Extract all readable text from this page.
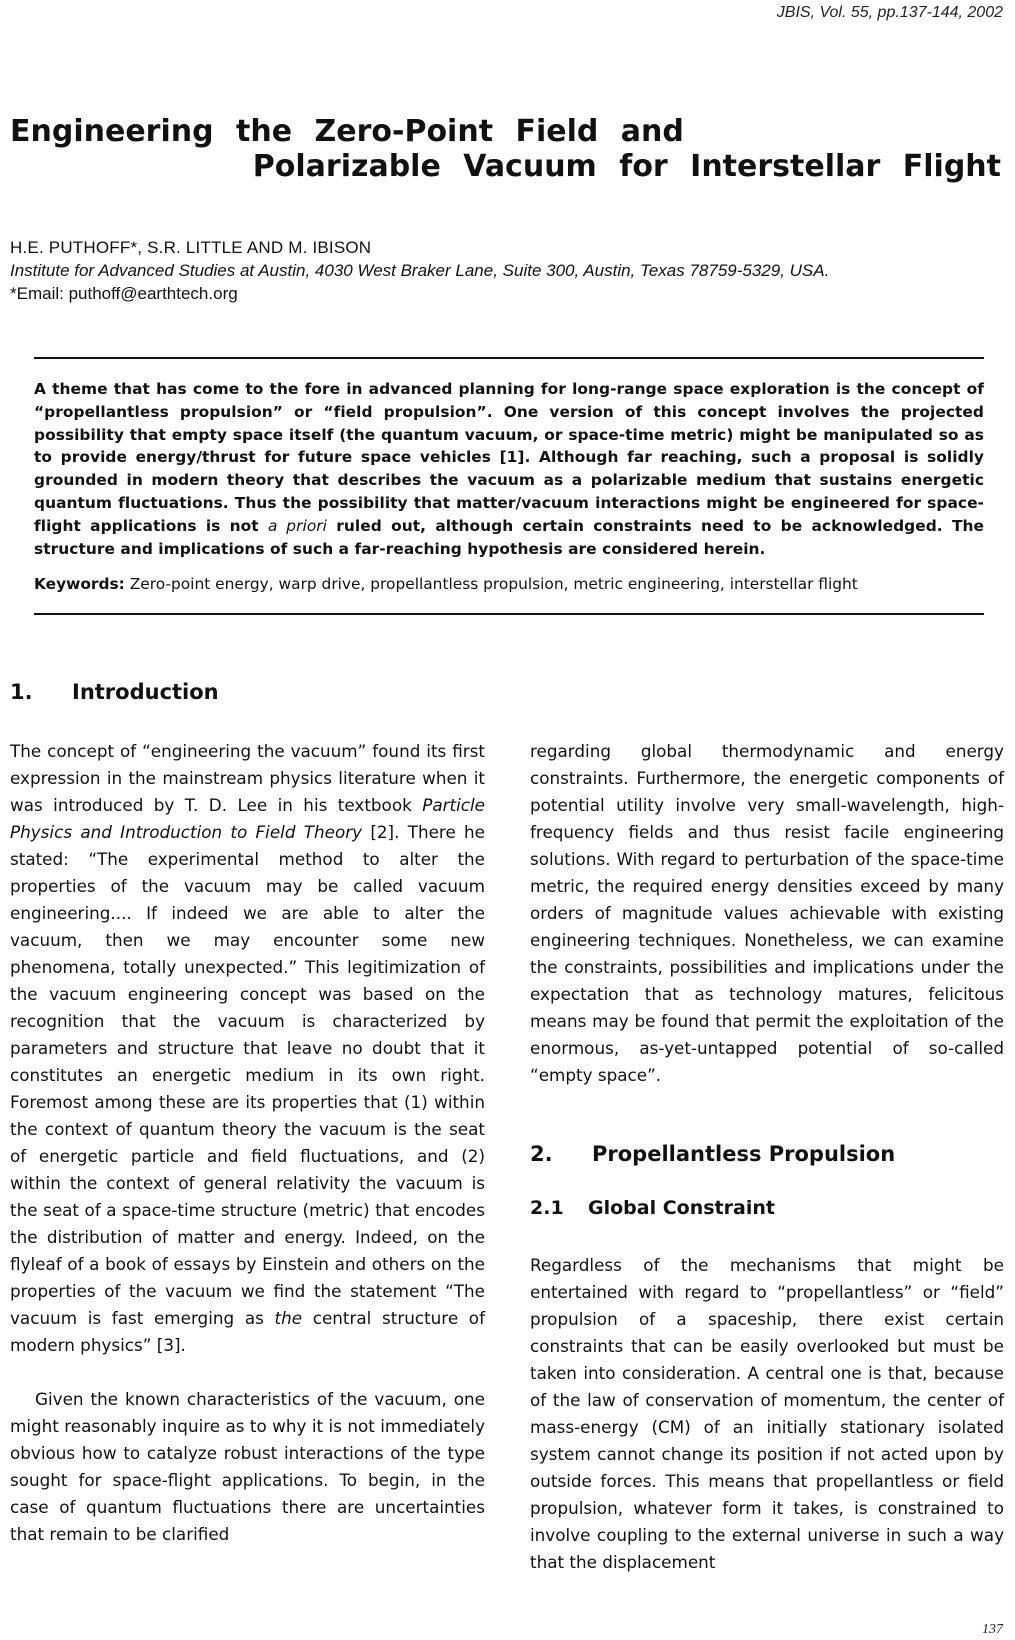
JBIS, Vol. 55, pp.137-144, 2002
Engineering the Zero-Point Field and
Polarizable Vacuum for Interstellar Flight
H.E. PUTHOFF*, S.R. LITTLE AND M. IBISON
Institute for Advanced Studies at Austin, 4030 West Braker Lane, Suite 300, Austin, Texas 78759-5329, USA.
*Email: puthoff@earthtech.org

A theme that has come to the fore in advanced planning for long-range space exploration is the concept of “propellantless propulsion” or “field propulsion”. One version of this concept involves the projected possibility that empty space itself (the quantum vacuum, or space-time metric) might be manipulated so as to provide energy/thrust for future space vehicles [1]. Although far reaching, such a proposal is solidly grounded in modern theory that describes the vacuum as a polarizable medium that sustains energetic quantum fluctuations. Thus the possibility that matter/vacuum interactions might be engineered for space-flight applications is not a priori ruled out, although certain constraints need to be acknowledged. The structure and implications of such a far-reaching hypothesis are considered herein.

Keywords: Zero-point energy, warp drive, propellantless propulsion, metric engineering, interstellar flight
1. Introduction

The concept of “engineering the vacuum” found its first expression in the mainstream physics literature when it was introduced by T. D. Lee in his textbook Particle Physics and Introduction to Field Theory [2]. There he stated: “The experimental method to alter the properties of the vacuum may be called vacuum engineering.... If indeed we are able to alter the vacuum, then we may encounter some new phenomena, totally unexpected.” This legitimization of the vacuum engineering concept was based on the recognition that the vacuum is characterized by parameters and structure that leave no doubt that it constitutes an energetic medium in its own right. Foremost among these are its properties that (1) within the context of quantum theory the vacuum is the seat of energetic particle and field fluctuations, and (2) within the context of general relativity the vacuum is the seat of a space-time structure (metric) that encodes the distribution of matter and energy. Indeed, on the flyleaf of a book of essays by Einstein and others on the properties of the vacuum we find the statement “The vacuum is fast emerging as the central structure of modern physics” [3].

Given the known characteristics of the vacuum, one might reasonably inquire as to why it is not immediately obvious how to catalyze robust interactions of the type sought for space-flight applications. To begin, in the case of quantum fluctuations there are uncertainties that remain to be clarified

regarding global thermodynamic and energy constraints. Furthermore, the energetic components of potential utility involve very small-wavelength, high-frequency fields and thus resist facile engineering solutions. With regard to perturbation of the space-time metric, the required energy densities exceed by many orders of magnitude values achievable with existing engineering techniques. Nonetheless, we can examine the constraints, possibilities and implications under the expectation that as technology matures, felicitous means may be found that permit the exploitation of the enormous, as-yet-untapped potential of so-called “empty space”.

2. Propellantless Propulsion
2.1 Global Constraint

Regardless of the mechanisms that might be entertained with regard to “propellantless” or “field” propulsion of a spaceship, there exist certain constraints that can be easily overlooked but must be taken into consideration. A central one is that, because of the law of conservation of momentum, the center of mass-energy (CM) of an initially stationary isolated system cannot change its position if not acted upon by outside forces. This means that propellantless or field propulsion, whatever form it takes, is constrained to involve coupling to the external universe in such a way that the displacement

137
